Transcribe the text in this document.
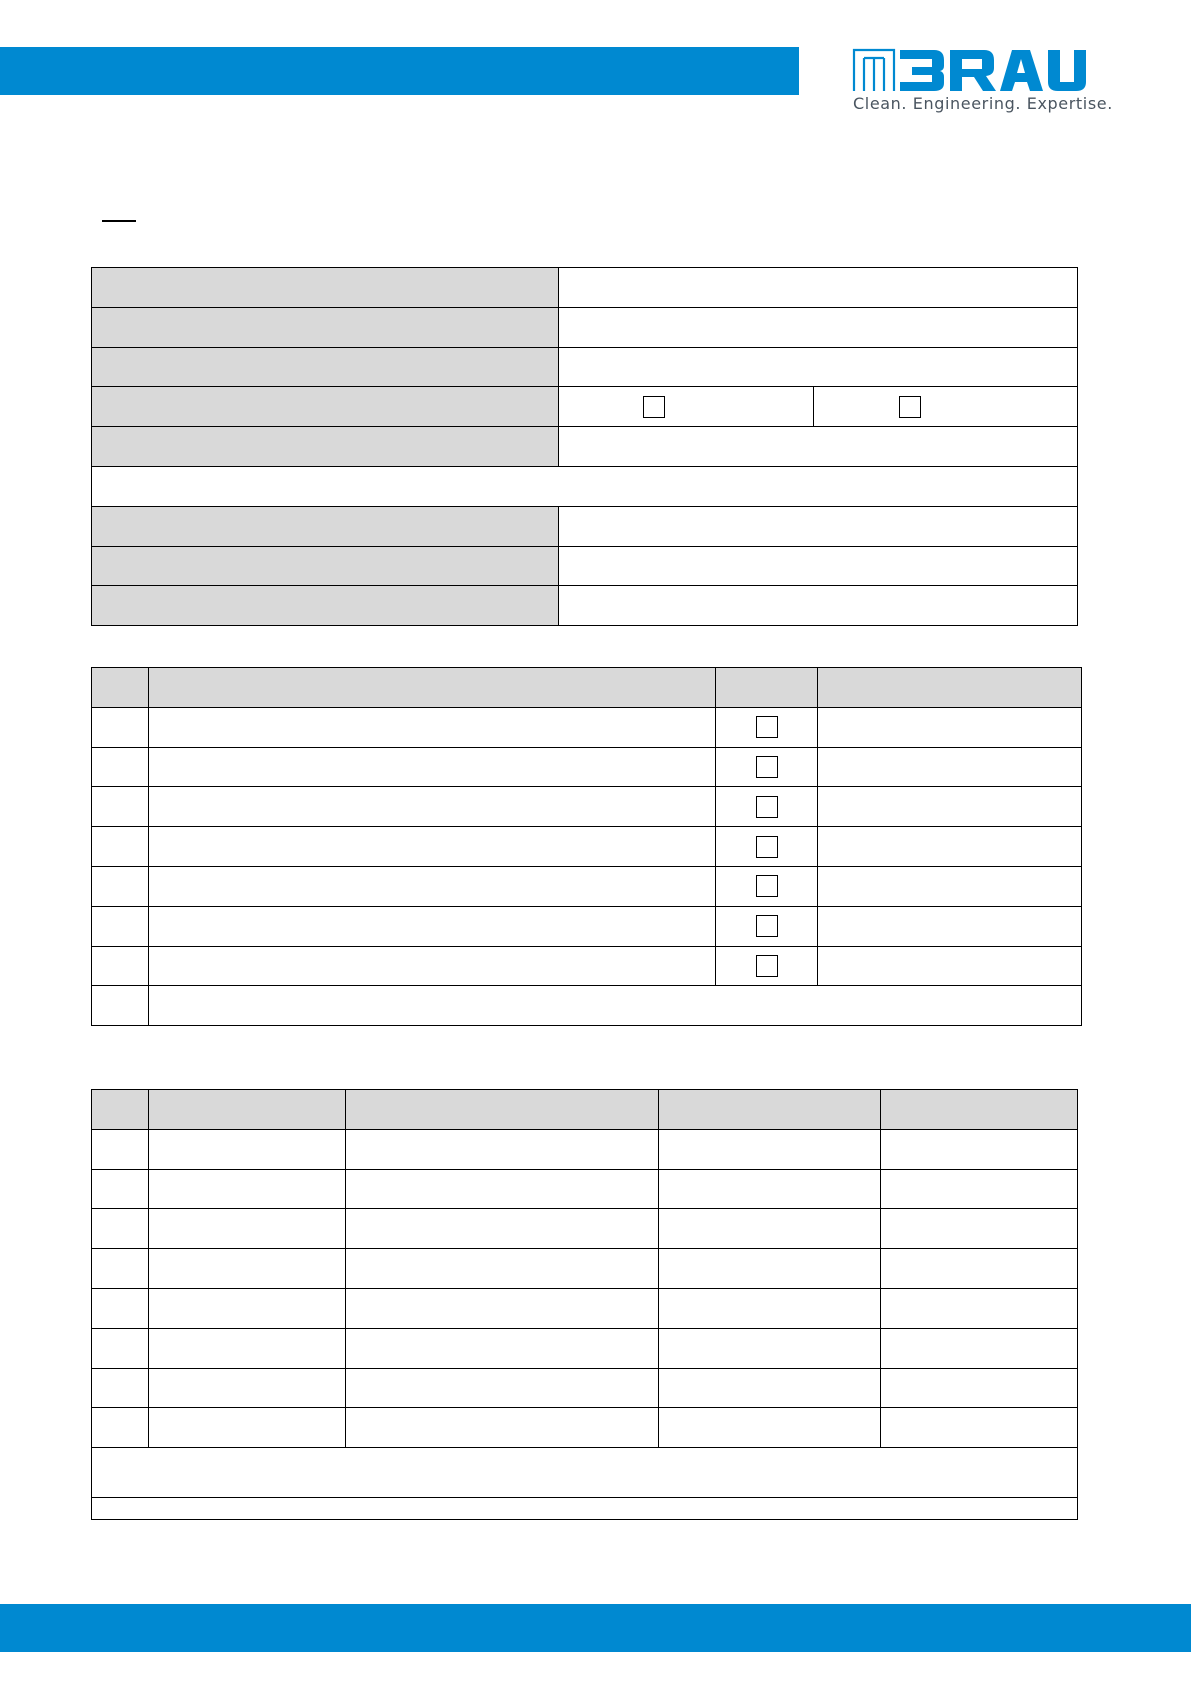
Clean. Engineering. Expertise.
